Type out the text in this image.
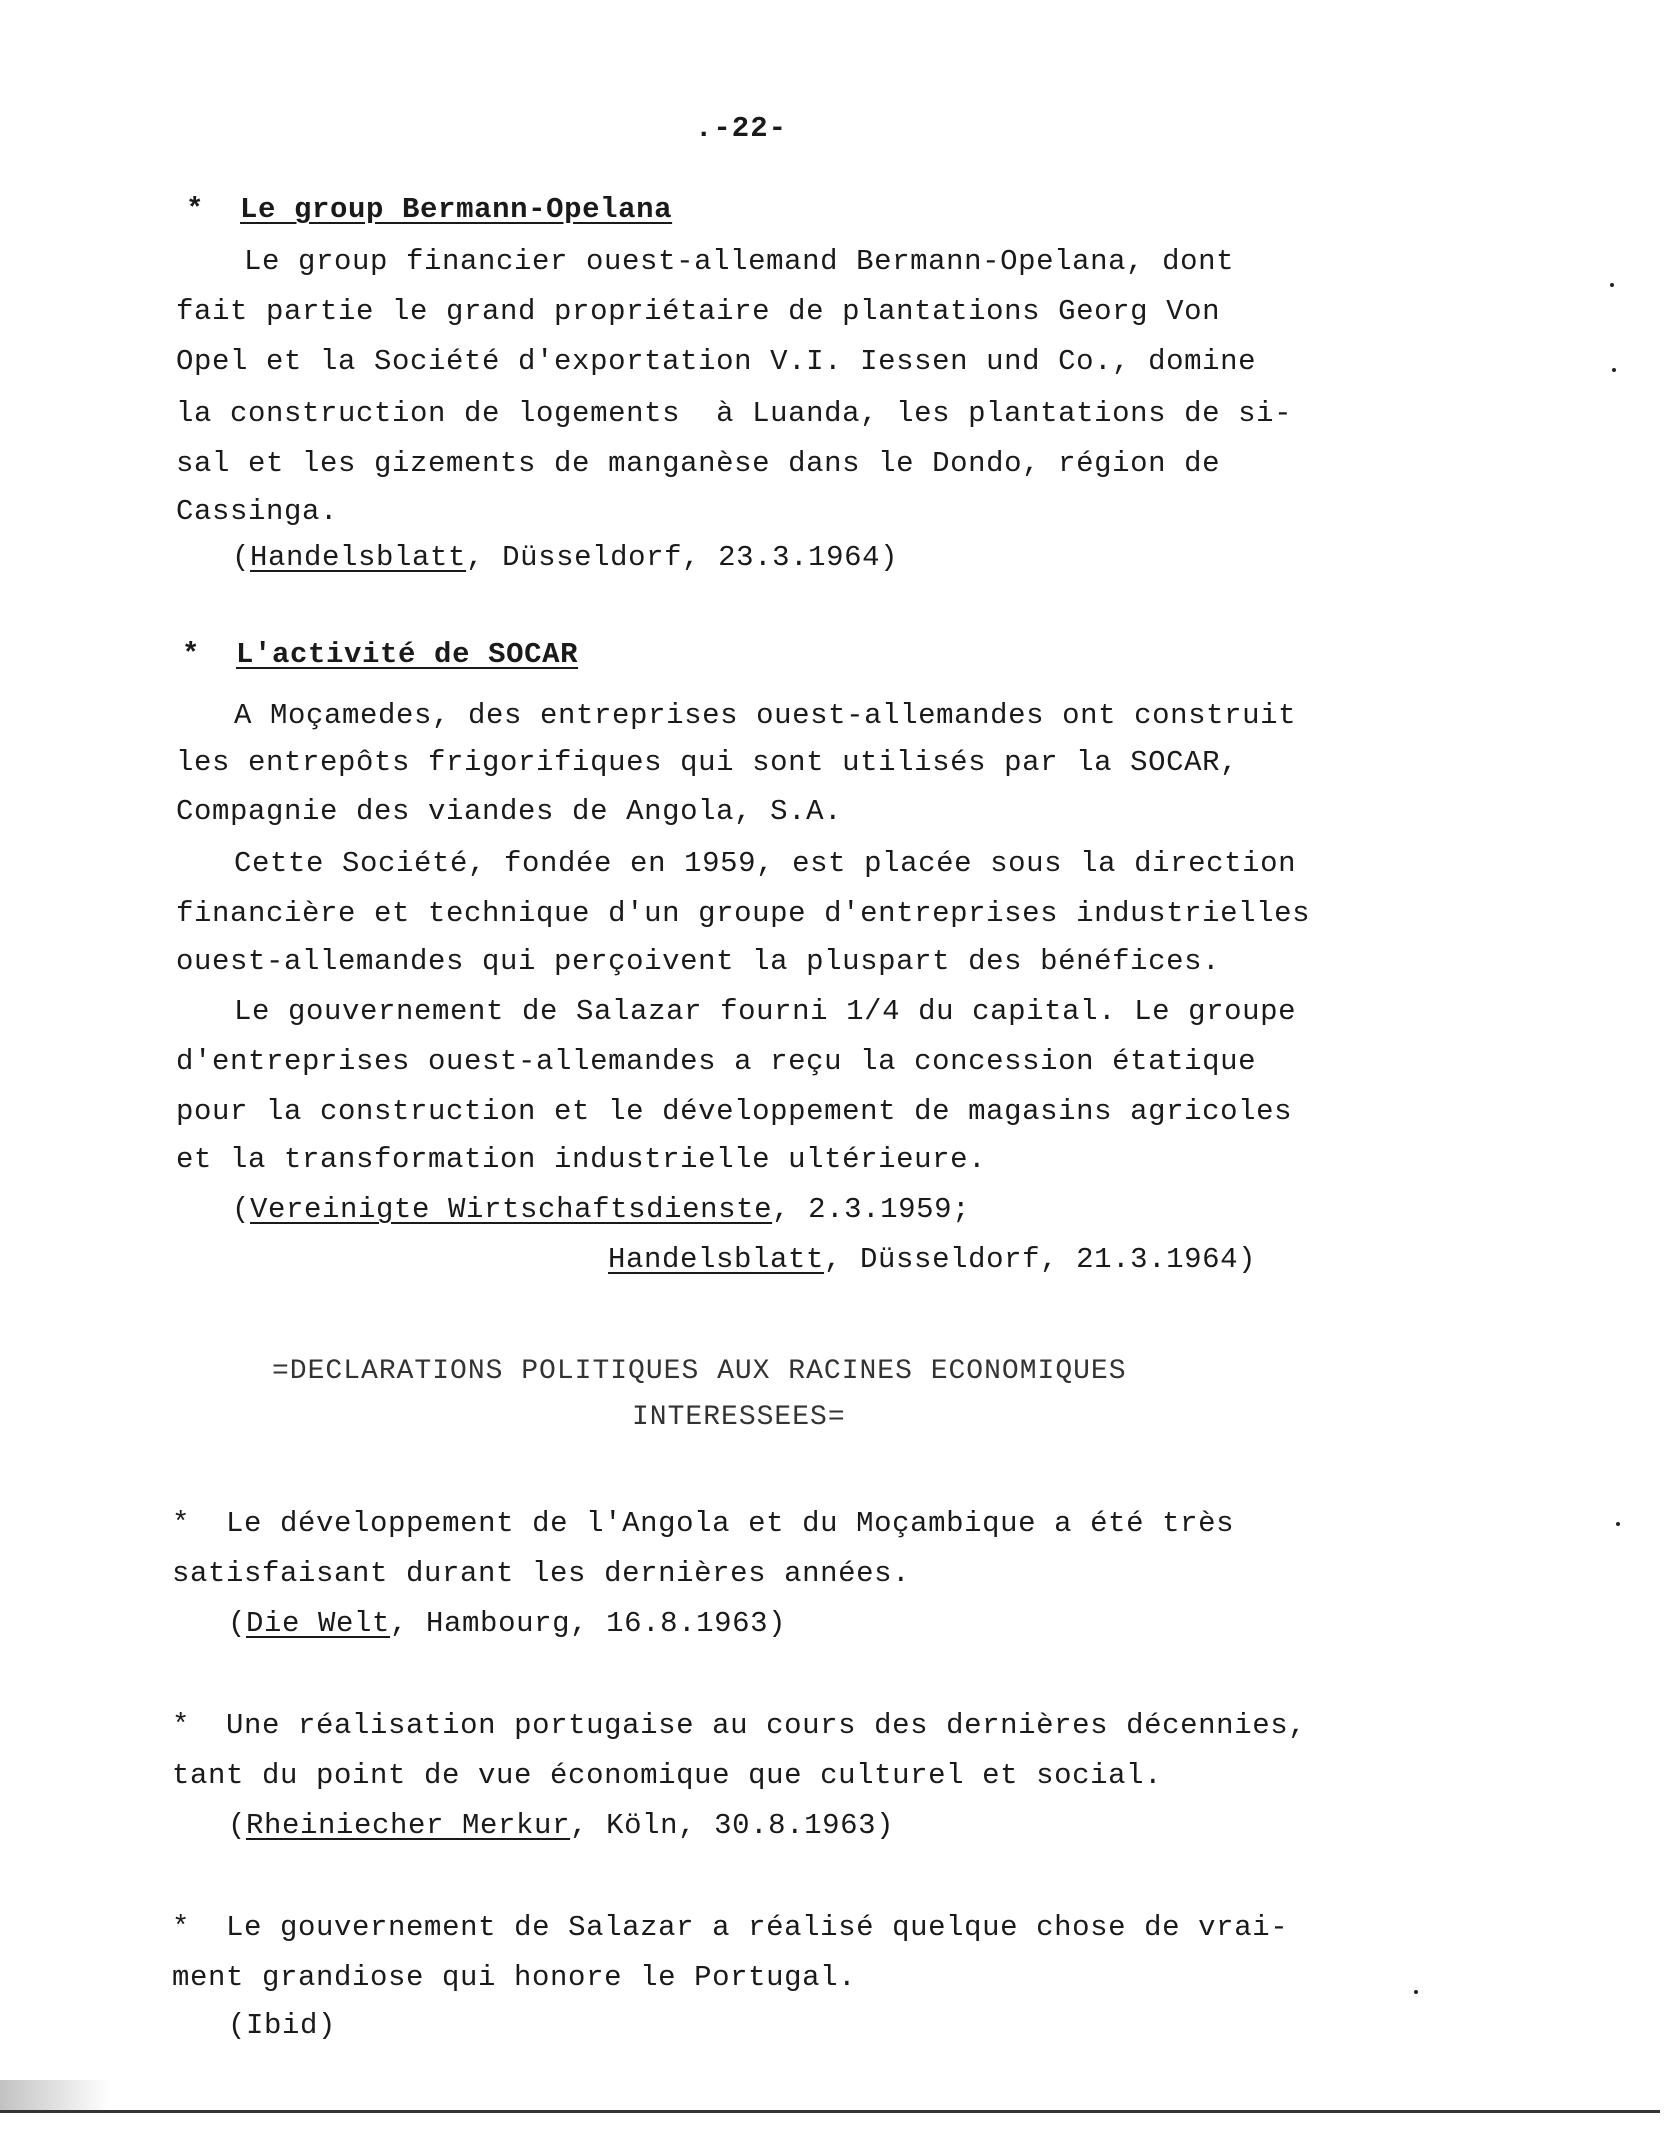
.-22-
* Le group Bermann-Opelana
Le group financier ouest-allemand Bermann-Opelana, dont
fait partie le grand propriétaire de plantations Georg Von
Opel et la Société d'exportation V.I. Iessen und Co., domine
la construction de logements  à Luanda, les plantations de si-
sal et les gizements de manganèse dans le Dondo, région de
Cassinga.
(Handelsblatt, Düsseldorf, 23.3.1964)
* L'activité de SOCAR
A Moçamedes, des entreprises ouest-allemandes ont construit
les entrepôts frigorifiques qui sont utilisés par la SOCAR,
Compagnie des viandes de Angola, S.A.
Cette Société, fondée en 1959, est placée sous la direction
financière et technique d'un groupe d'entreprises industrielles
ouest-allemandes qui perçoivent la pluspart des bénéfices.
Le gouvernement de Salazar fourni 1/4 du capital. Le groupe
d'entreprises ouest-allemandes a reçu la concession étatique
pour la construction et le développement de magasins agricoles
et la transformation industrielle ultérieure.
(Vereinigte Wirtschaftsdienste, 2.3.1959;
Handelsblatt, Düsseldorf, 21.3.1964)
=DECLARATIONS POLITIQUES AUX RACINES ECONOMIQUES
INTERESSEES=
* Le développement de l'Angola et du Moçambique a été très
satisfaisant durant les dernières années.
(Die Welt, Hambourg, 16.8.1963)
* Une réalisation portugaise au cours des dernières décennies,
tant du point de vue économique que culturel et social.
(Rheiniecher Merkur, Köln, 30.8.1963)
* Le gouvernement de Salazar a réalisé quelque chose de vrai-
ment grandiose qui honore le Portugal.
(Ibid)
